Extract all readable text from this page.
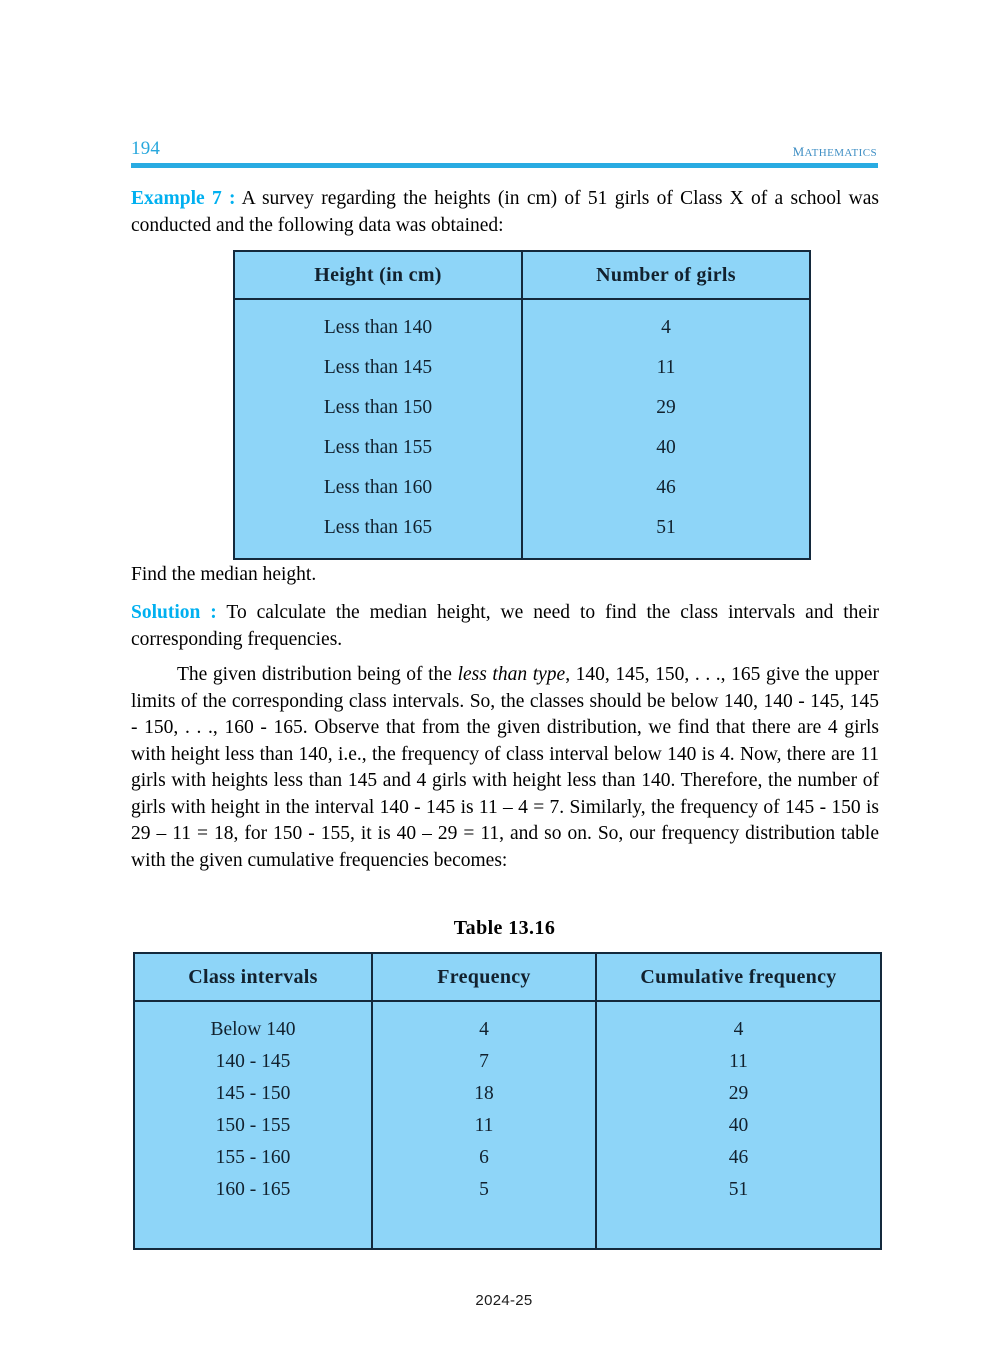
194	mathematics
Example 7 : A survey regarding the heights (in cm) of 51 girls of Class X of a school was conducted and the following data was obtained:
Height (in cm)	Number of girls
Less than 140	4
Less than 145	11
Less than 150	29
Less than 155	40
Less than 160	46
Less than 165	51
Find the median height.
Solution : To calculate the median height, we need to find the class intervals and their corresponding frequencies.
The given distribution being of the less than type, 140, 145, 150, . . ., 165 give the upper limits of the corresponding class intervals. So, the classes should be below 140, 140 - 145, 145 - 150, . . ., 160 - 165. Observe that from the given distribution, we find that there are 4 girls with height less than 140, i.e., the frequency of class interval below 140 is 4. Now, there are 11 girls with heights less than 145 and 4 girls with height less than 140. Therefore, the number of girls with height in the interval 140 - 145 is 11 – 4 = 7. Similarly, the frequency of 145 - 150 is 29 – 11 = 18, for 150 - 155, it is 40 – 29 = 11, and so on. So, our frequency distribution table with the given cumulative frequencies becomes:
Table 13.16
Class intervals	Frequency	Cumulative frequency
Below 140	4	4
140 - 145	7	11
145 - 150	18	29
150 - 155	11	40
155 - 160	6	46
160 - 165	5	51
2024-25
